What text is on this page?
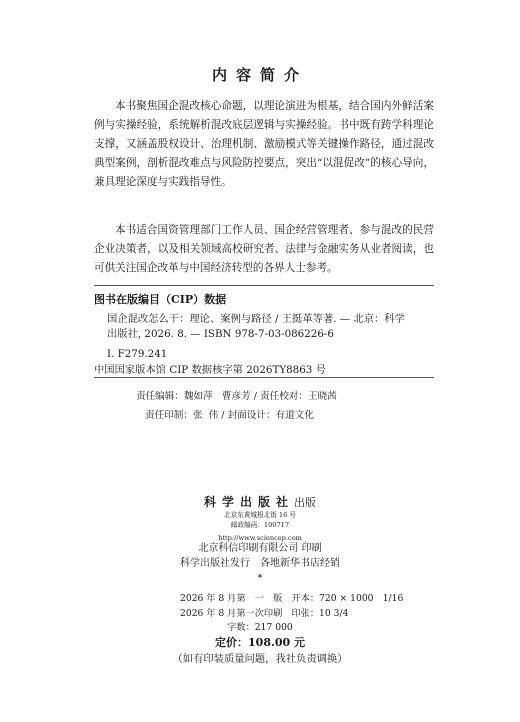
内容简介

本书聚焦国企混改核心命题，以理论演进为根基，结合国内外鲜活案例与实操经验，系统解析混改底层逻辑与实操经验。书中既有跨学科理论支撑，又涵盖股权设计、治理机制、激励模式等关键操作路径，通过混改典型案例，剖析混改难点与风险防控要点，突出“以混促改”的核心导向，兼具理论深度与实践指导性。

本书适合国资管理部门工作人员、国企经营管理者、参与混改的民营企业决策者，以及相关领域高校研究者、法律与金融实务从业者阅读，也可供关注国企改革与中国经济转型的各界人士参考。

图书在版编目（CIP）数据
国企混改怎么干：理论、案例与路径 / 王挺革等著. — 北京：科学
出版社, 2026. 8. — ISBN 978-7-03-086226-6
Ⅰ. F279.241
中国国家版本馆 CIP 数据核字第 2026TY8863 号
责任编辑：魏如萍   曹彦芳 / 责任校对：王晓茜
责任印制：张  伟 / 封面设计：有道文化
科学出版社出版
北京东黄城根北街 16 号
邮政编码：100717
http://www.sciencep.com
北京科信印刷有限公司 印刷
科学出版社发行　各地新华书店经销
*
2026 年 8 月第　一　版　开本：720 × 1000　1/16
2026 年 8 月第一次印刷　印张：10 3/4
字数：217 000
定价：108.00 元
（如有印装质量问题，我社负责调换）
